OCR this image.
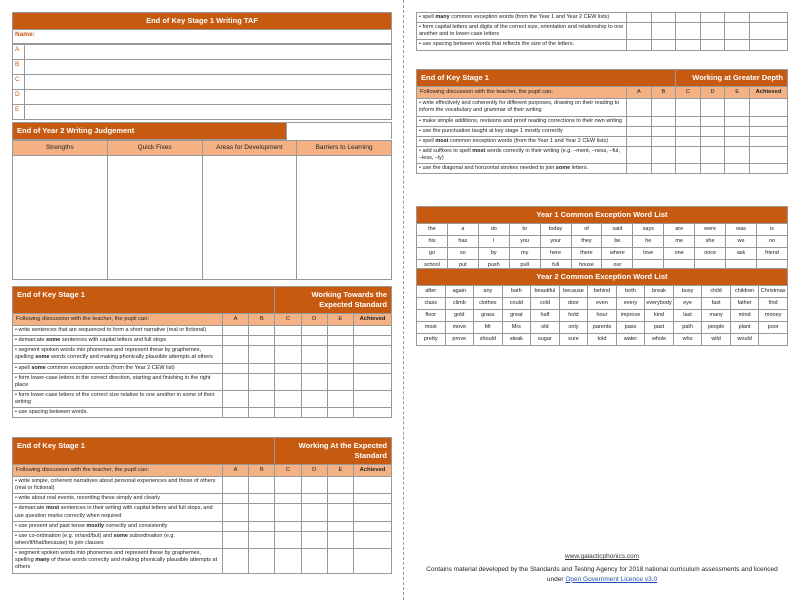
End of Key Stage 1 Writing TAF
Name:
A	
B	
C	
D	
E	
End of Year 2 Writing Judgement	
Strengths	Quick Fixes	Areas for Development	Barriers to Learning

End of Key Stage 1			Working Towards the Expected Standard			
Following discussion with the teacher, the pupil can:	A	B	C	D	E	Achieved
• write sentences that are sequenced to form a short narrative (real or fictional)						
• demarcate some sentences with capital letters and full stops						
• segment spoken words into phonemes and represent these by graphemes, spelling some words correctly and making phonically plausible attempts at others						
• spell some common exception words (from the Year 2 CEW list)						
• form lower-case letters in the correct direction, starting and finishing in the right place						
• form lower-case letters of the correct size relative to one another in some of their writing						
• use spacing between words.						
End of Key Stage 1			Working At the Expected Standard			
Following discussion with the teacher, the pupil can:	A	B	C	D	E	Achieved
• write simple, coherent narratives about personal experiences and those of others (real or fictional)						
• write about real events, recording these simply and clearly						
• demarcate most sentences in their writing with capital letters and full stops, and use question marks correctly when required						
• use present and past tense mostly correctly and consistently						
• use co-ordination (e.g. or/and/but) and some subordination (e.g. when/if/that/because) to join clauses						
• segment spoken words into phonemes and represent these by graphemes, spelling many of these words correctly and making phonically plausible attempts at others						
• spell many common exception words (from the Year 1 and Year 2 CEW lists)						
• form capital letters and digits of the correct size, orientation and relationship to one another and to lower-case letters						
• use spacing between words that reflects the size of the letters.						
End of Key Stage 1			Working at Greater Depth			
Following discussion with the teacher, the pupil can:	A	B	C	D	E	Achieved
• write effectively and coherently for different purposes, drawing on their reading to inform the vocabulary and grammar of their writing						
• make simple additions, revisions and proof reading corrections to their own writing						
• use the punctuation taught at key stage 1 mostly correctly						
• spell most common exception words (from the Year 1 and Year 2 CEW lists)						
• add suffixes to spell most words correctly in their writing (e.g. –ment, –ness, –ful, –less, –ly)						
• use the diagonal and horizontal strokes needed to join some letters.						
Year 1 Common Exception Word List											
the	a	do	to	today	of	said	says	are	were	was	is
his	has	I	you	your	they	be	he	me	she	we	no
go	so	by	my	here	there	where	love	one	once	ask	friend
school	put	push	pull	full	house	our					
Year 2 Common Exception Word List												
after	again	any	bath	beautiful	because	behind	both	break	busy	child	children	Christmas
class	climb	clothes	could	cold	door	even	every	everybody	eye	fast	father	find
floor	gold	grass	great	half	hold	hour	improve	kind	last	many	mind	money
most	move	Mr	Mrs	old	only	parents	pass	past	path	people	plant	poor
pretty	prove	should	steak	sugar	sure	told	water	whole	who	wild	would	
www.galacticphonics.com
Contains material developed by the Standards and Testing Agency for 2018 national curriculum assessments and licenced
under Open Government Licence v3.0
